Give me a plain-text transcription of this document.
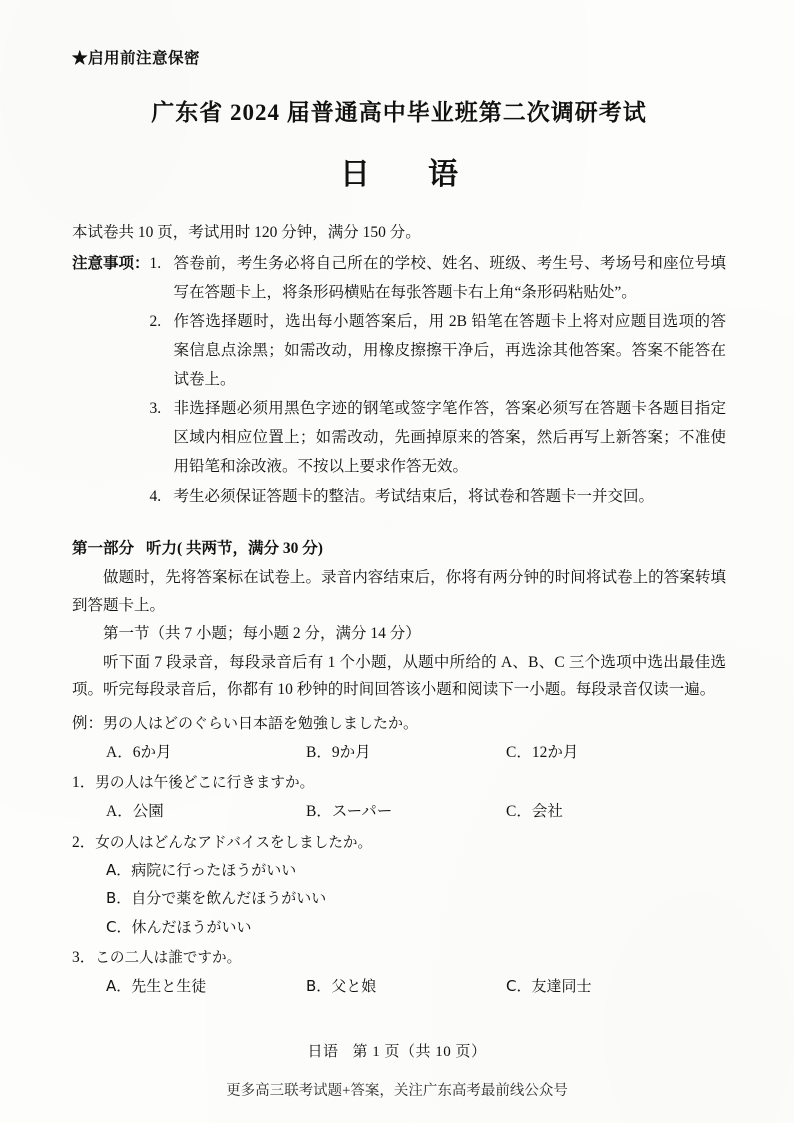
★启用前注意保密
广东省 2024 届普通高中毕业班第二次调研考试
日　语
本试卷共 10 页，考试用时 120 分钟，满分 150 分。
注意事项： 1. 答卷前，考生务必将自己所在的学校、姓名、班级、考生号、考场号和座位号填写在答题卡上，将条形码横贴在每张答题卡右上角“条形码粘贴处”。
2. 作答选择题时，选出每小题答案后，用 2B 铅笔在答题卡上将对应题目选项的答案信息点涂黑；如需改动，用橡皮擦擦干净后，再选涂其他答案。答案不能答在试卷上。
3. 非选择题必须用黑色字迹的钢笔或签字笔作答，答案必须写在答题卡各题目指定区域内相应位置上；如需改动，先画掉原来的答案，然后再写上新答案；不准使用铅笔和涂改液。不按以上要求作答无效。
4. 考生必须保证答题卡的整洁。考试结束后，将试卷和答题卡一并交回。
第一部分 听力( 共两节，满分 30 分)
做题时，先将答案标在试卷上。录音内容结束后，你将有两分钟的时间将试卷上的答案转填到答题卡上。
第一节（共 7 小题；每小题 2 分，满分 14 分）
听下面 7 段录音，每段录音后有 1 个小题，从题中所给的 A、B、C 三个选项中选出最佳选项。听完每段录音后，你都有 10 秒钟的时间回答该小题和阅读下一小题。每段录音仅读一遍。
例：男の人はどのぐらい日本語を勉強しましたか。
A．6か月	B．9か月	C．12か月
1．男の人は午後どこに行きますか。
A．公園	B．スーパー	C．会社
2．女の人はどんなアドバイスをしましたか。
A．病院に行ったほうがいい
B．自分で薬を飲んだほうがいい
C．休んだほうがいい
3．この二人は誰ですか。
A．先生と生徒	B．父と娘	C．友達同士
日语 第 1 页（共 10 页）
更多高三联考试题+答案，关注广东高考最前线公众号
